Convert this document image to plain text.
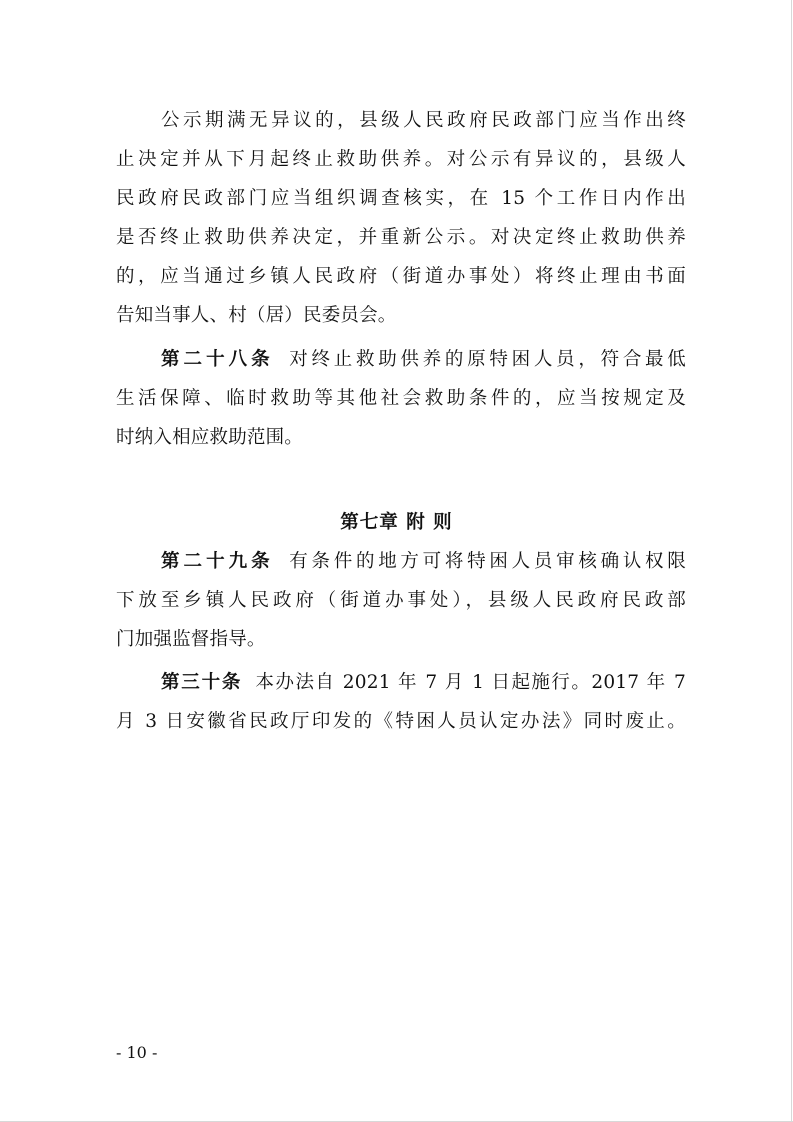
公示期满无异议的，县级人民政府民政部门应当作出终
止决定并从下月起终止救助供养。对公示有异议的，县级人
民政府民政部门应当组织调查核实，在 15 个工作日内作出
是否终止救助供养决定，并重新公示。对决定终止救助供养
的，应当通过乡镇人民政府（街道办事处）将终止理由书面
告知当事人、村（居）民委员会。
第二十八条 对终止救助供养的原特困人员，符合最低
生活保障、临时救助等其他社会救助条件的，应当按规定及
时纳入相应救助范围。
第七章 附 则
第二十九条 有条件的地方可将特困人员审核确认权限
下放至乡镇人民政府（街道办事处），县级人民政府民政部
门加强监督指导。
第三十条 本办法自 2021 年 7 月 1 日起施行。2017 年 7
月 3 日安徽省民政厅印发的《特困人员认定办法》同时废止。
- 10 -
